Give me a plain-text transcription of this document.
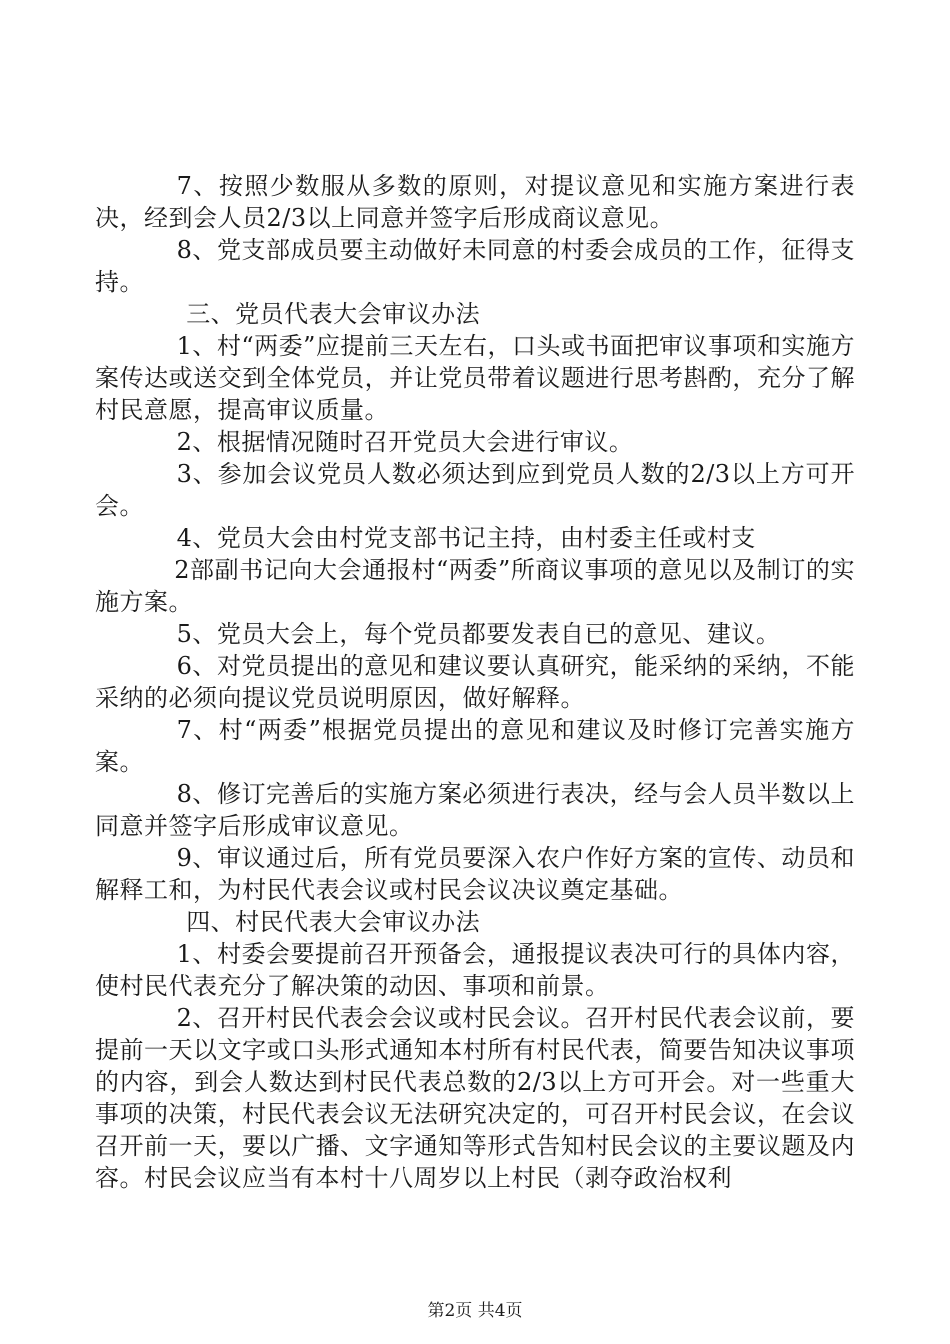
7、按照少数服从多数的原则，对提议意见和实施方案进行表决，经到会人员2/3以上同意并签字后形成商议意见。

8、党支部成员要主动做好未同意的村委会成员的工作，征得支持。

三、党员代表大会审议办法

1、村“两委”应提前三天左右，口头或书面把审议事项和实施方案传达或送交到全体党员，并让党员带着议题进行思考斟酌，充分了解村民意愿，提高审议质量。

2、根据情况随时召开党员大会进行审议。

3、参加会议党员人数必须达到应到党员人数的2/3以上方可开会。

4、党员大会由村党支部书记主持，由村委主任或村支

2部副书记向大会通报村“两委”所商议事项的意见以及制订的实施方案。

5、党员大会上，每个党员都要发表自已的意见、建议。

6、对党员提出的意见和建议要认真研究，能采纳的采纳，不能采纳的必须向提议党员说明原因，做好解释。

7、村“两委”根据党员提出的意见和建议及时修订完善实施方案。

8、修订完善后的实施方案必须进行表决，经与会人员半数以上同意并签字后形成审议意见。

9、审议通过后，所有党员要深入农户作好方案的宣传、动员和解释工和，为村民代表会议或村民会议决议奠定基础。

四、村民代表大会审议办法

1、村委会要提前召开预备会，通报提议表决可行的具体内容，使村民代表充分了解决策的动因、事项和前景。

2、召开村民代表会会议或村民会议。召开村民代表会议前，要提前一天以文字或口头形式通知本村所有村民代表，简要告知决议事项的内容，到会人数达到村民代表总数的2/3以上方可开会。对一些重大事项的决策，村民代表会议无法研究决定的，可召开村民会议，在会议召开前一天，要以广播、文字通知等形式告知村民会议的主要议题及内容。村民会议应当有本村十八周岁以上村民（剥夺政治权利

第2页 共4页
